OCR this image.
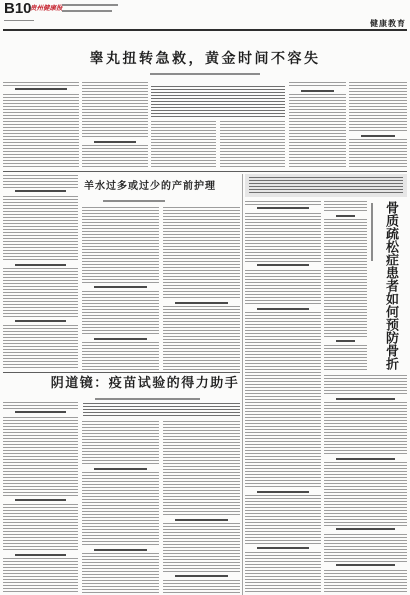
B10
贵州健康报
健康教育
睾丸扭转急救，黄金时间不容失
羊水过多或过少的产前护理
骨质疏松症患者如何预防骨折
阴道镜：疫苗试验的得力助手
